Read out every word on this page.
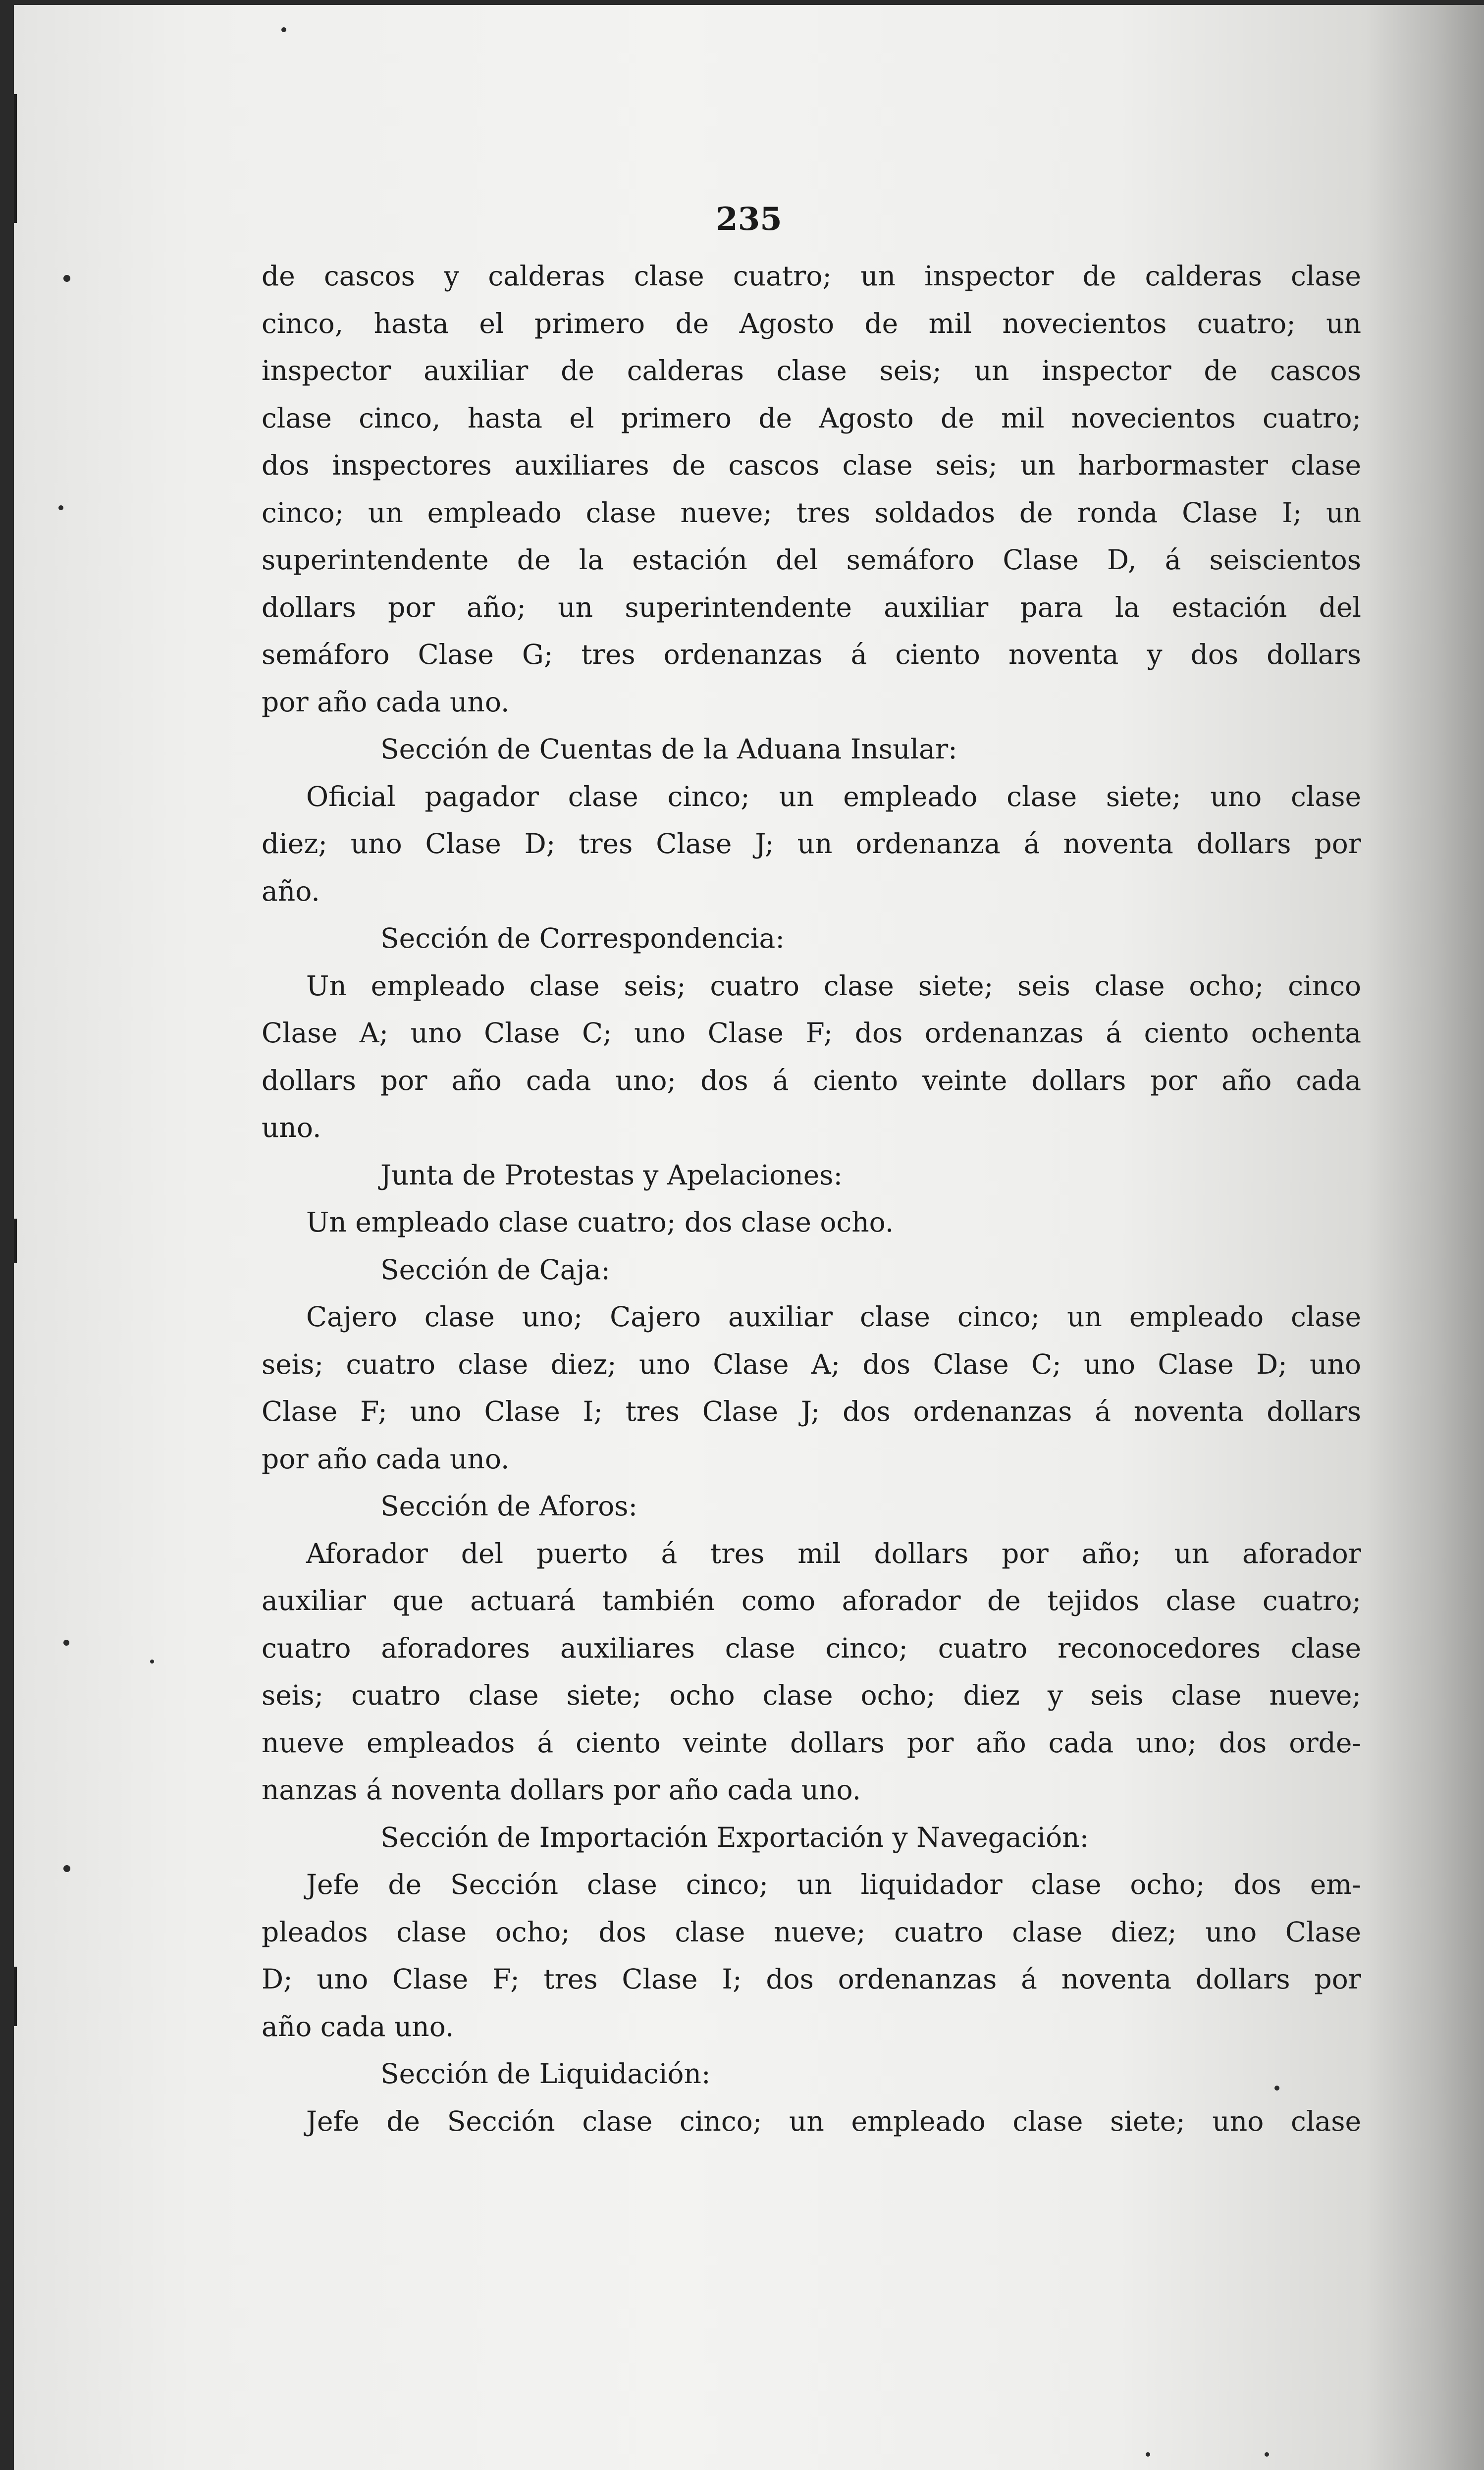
235
de cascos y calderas clase cuatro; un inspector de calderas clase
cinco, hasta el primero de Agosto de mil novecientos cuatro; un
inspector auxiliar de calderas clase seis; un inspector de cascos
clase cinco, hasta el primero de Agosto de mil novecientos cuatro;
dos inspectores auxiliares de cascos clase seis; un harbormaster clase
cinco; un empleado clase nueve; tres soldados de ronda Clase I; un
superintendente de la estación del semáforo Clase D, á seiscientos
dollars por año; un superintendente auxiliar para la estación del
semáforo Clase G; tres ordenanzas á ciento noventa y dos dollars
por año cada uno.
Sección de Cuentas de la Aduana Insular:
Oficial pagador clase cinco; un empleado clase siete; uno clase
diez; uno Clase D; tres Clase J; un ordenanza á noventa dollars por
año.
Sección de Correspondencia:
Un empleado clase seis; cuatro clase siete; seis clase ocho; cinco
Clase A; uno Clase C; uno Clase F; dos ordenanzas á ciento ochenta
dollars por año cada uno; dos á ciento veinte dollars por año cada
uno.
Junta de Protestas y Apelaciones:
Un empleado clase cuatro; dos clase ocho.
Sección de Caja:
Cajero clase uno; Cajero auxiliar clase cinco; un empleado clase
seis; cuatro clase diez; uno Clase A; dos Clase C; uno Clase D; uno
Clase F; uno Clase I; tres Clase J; dos ordenanzas á noventa dollars
por año cada uno.
Sección de Aforos:
Aforador del puerto á tres mil dollars por año; un aforador
auxiliar que actuará también como aforador de tejidos clase cuatro;
cuatro aforadores auxiliares clase cinco; cuatro reconocedores clase
seis; cuatro clase siete; ocho clase ocho; diez y seis clase nueve;
nueve empleados á ciento veinte dollars por año cada uno; dos orde-
nanzas á noventa dollars por año cada uno.
Sección de Importación Exportación y Navegación:
Jefe de Sección clase cinco; un liquidador clase ocho; dos em-
pleados clase ocho; dos clase nueve; cuatro clase diez; uno Clase
D; uno Clase F; tres Clase I; dos ordenanzas á noventa dollars por
año cada uno.
Sección de Liquidación:
Jefe de Sección clase cinco; un empleado clase siete; uno clase
